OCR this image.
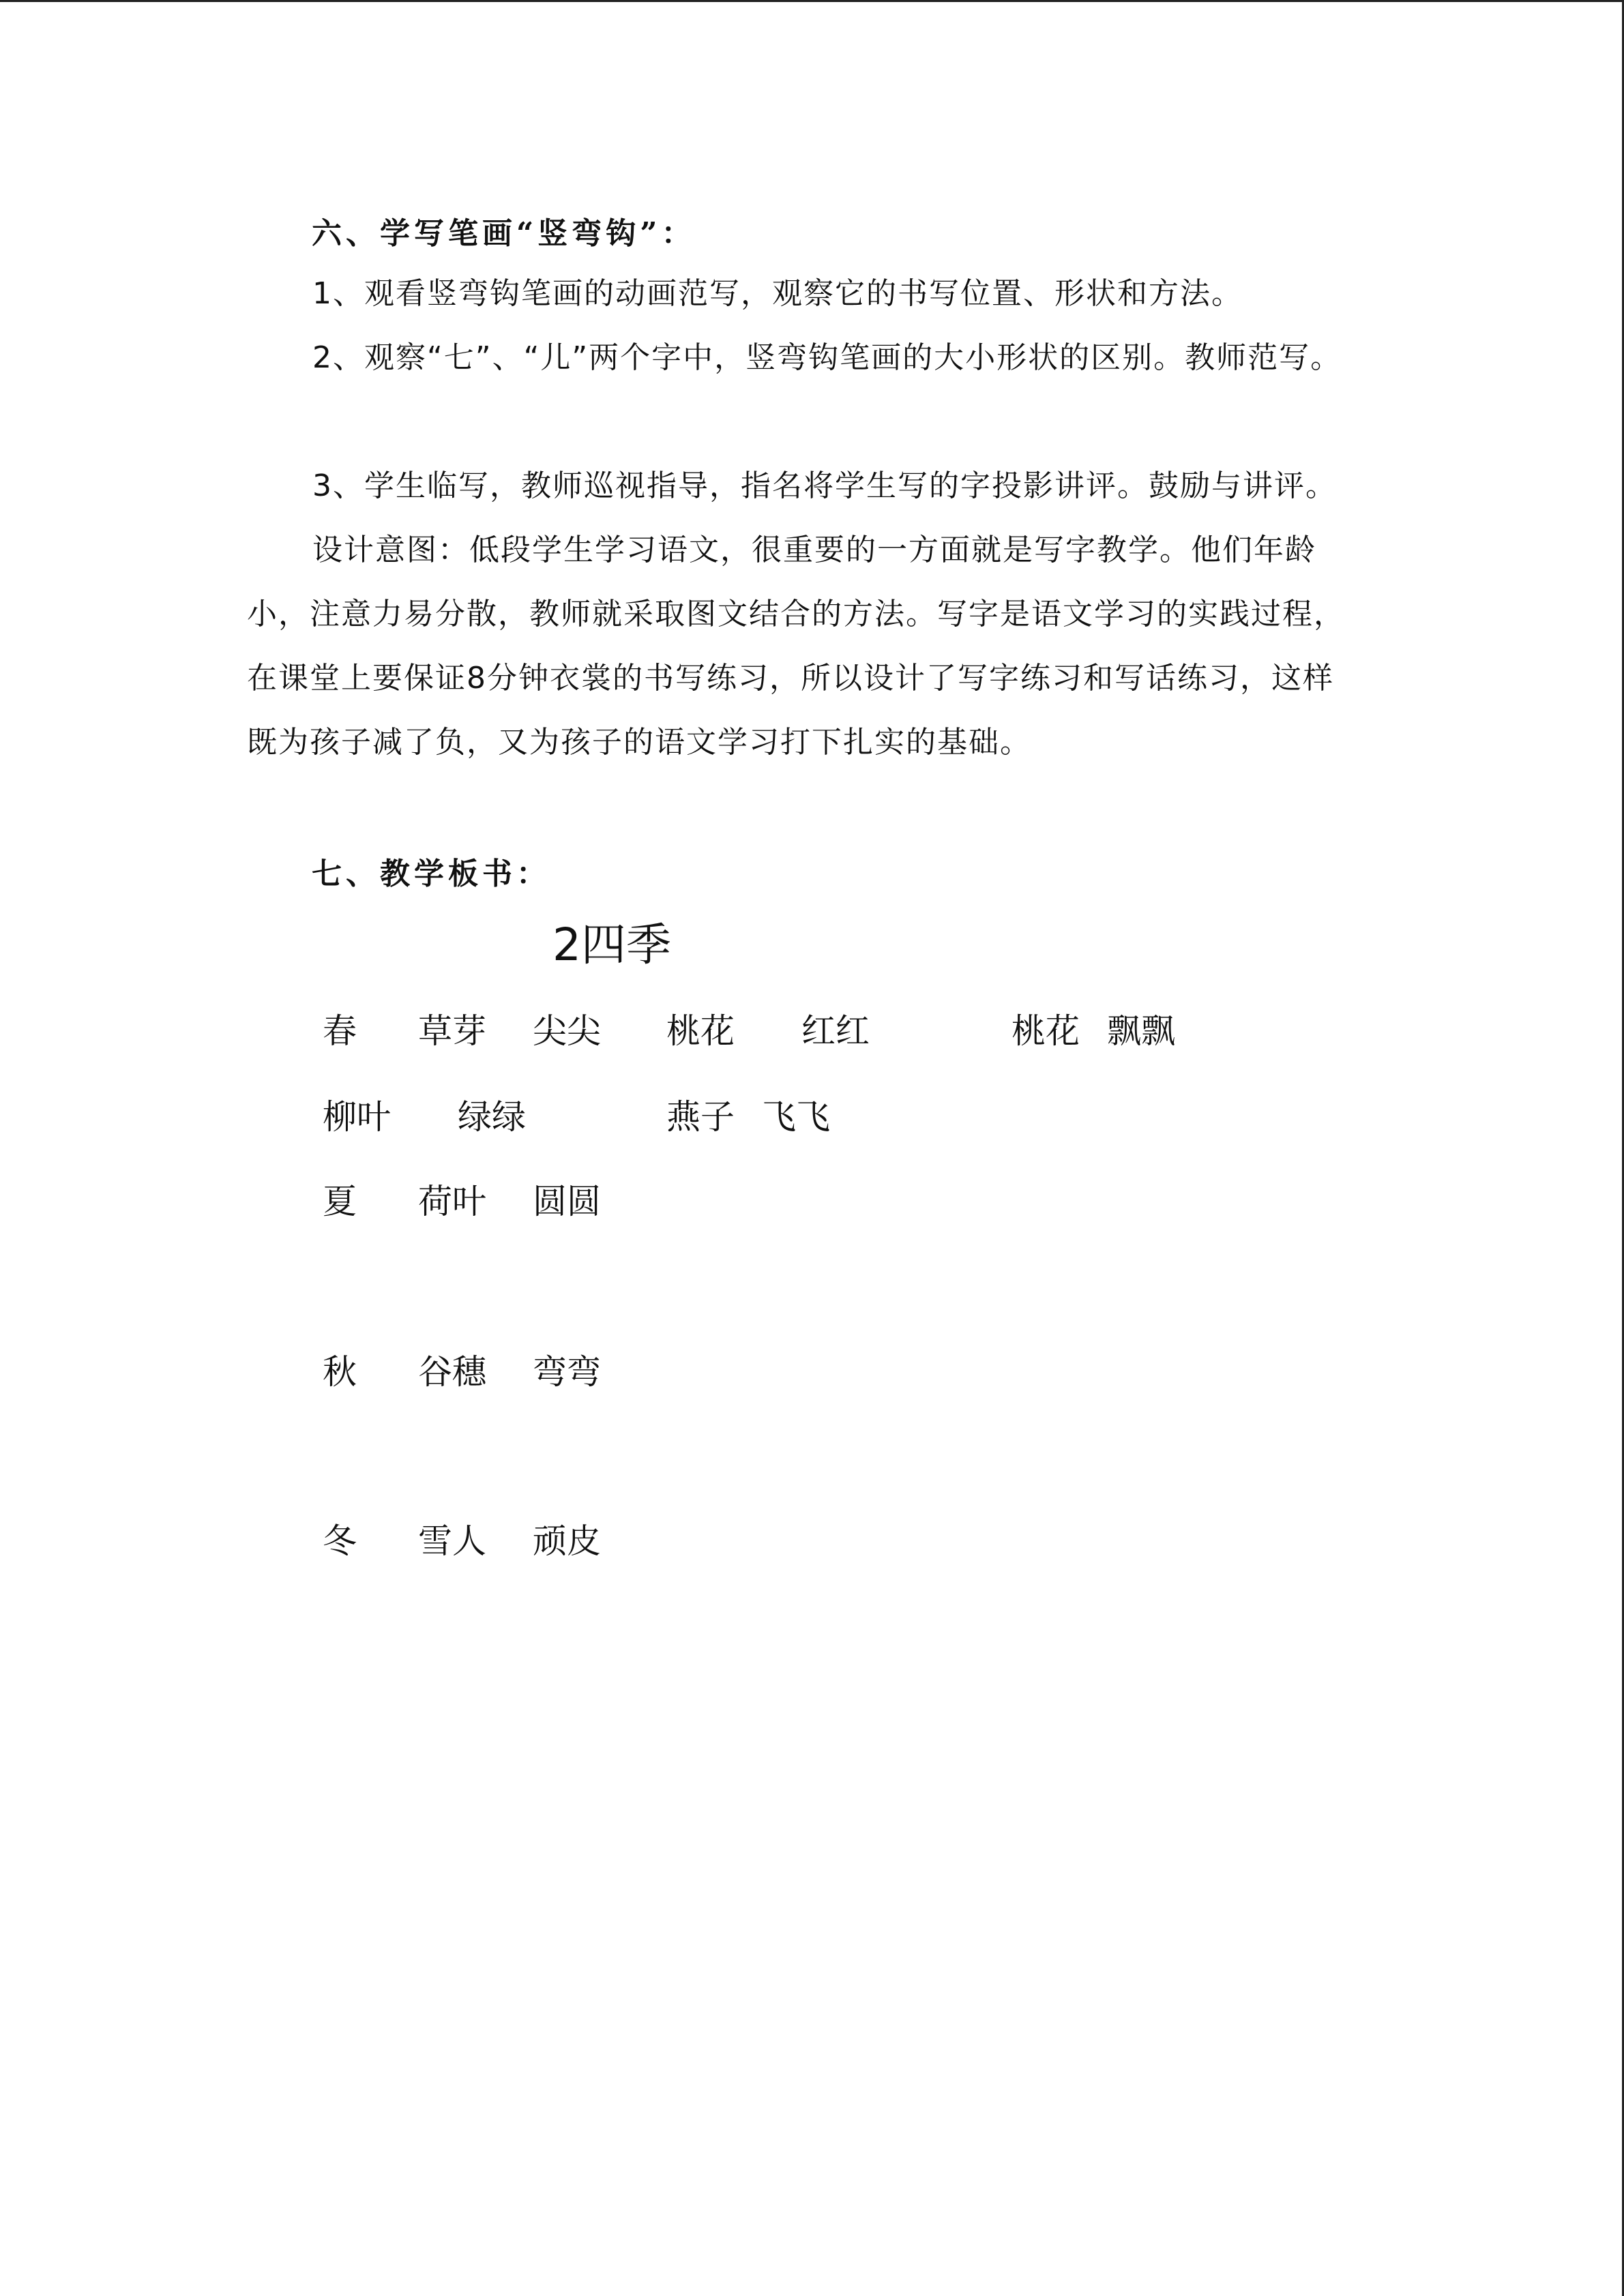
六、学写笔画“竖弯钩”：
1、观看竖弯钩笔画的动画范写，观察它的书写位置、形状和方法。
2、观察“七”、“儿”两个字中，竖弯钩笔画的大小形状的区别。教师范写。
3、学生临写，教师巡视指导，指名将学生写的字投影讲评。鼓励与讲评。
设计意图：低段学生学习语文，很重要的一方面就是写字教学。他们年龄小，注意力易分散，教师就采取图文结合的方法。写字是语文学习的实践过程，在课堂上要保证8分钟衣裳的书写练习，所以设计了写字练习和写话练习，这样既为孩子减了负，又为孩子的语文学习打下扎实的基础。
七、教学板书：
2四季
春 草芽 尖尖 桃花 红红	桃花 飘飘
柳叶 绿绿	燕子 飞飞
夏 荷叶 圆圆
秋 谷穗 弯弯
冬 雪人 顽皮
